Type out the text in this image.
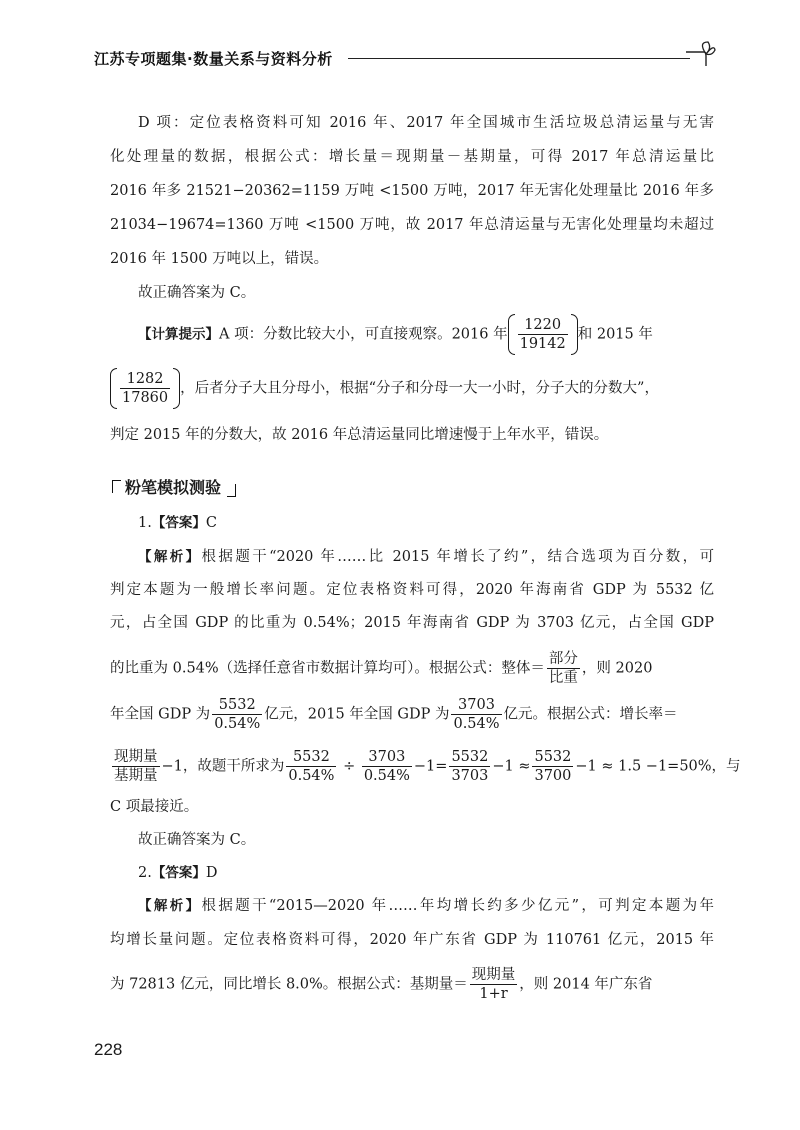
江苏专项题集·数量关系与资料分析
D 项：定位表格资料可知 2016 年、2017 年全国城市生活垃圾总清运量与无害
化处理量的数据，根据公式：增长量＝现期量－基期量，可得 2017 年总清运量比
2016 年多 21521−20362=1159 万吨 <1500 万吨，2017 年无害化处理量比 2016 年多
21034−19674=1360 万吨 <1500 万吨，故 2017 年总清运量与无害化处理量均未超过
2016 年 1500 万吨以上，错误。
故正确答案为 C。
【计算提示】A 项：分数比较大小，可直接观察。2016 年 $\frac{1220}{19142}$ 和 2015 年
$\frac{1282}{17860}$ ，后者分子大且分母小，根据“分子和分母一大一小时，分子大的分数大”，
判定 2015 年的分数大，故 2016 年总清运量同比增速慢于上年水平，错误。
粉笔模拟测验
1.【答案】C
【解析】根据题干“2020 年……比 2015 年增长了约”，结合选项为百分数，可
判定本题为一般增长率问题。定位表格资料可得，2020 年海南省 GDP 为 5532 亿
元，占全国 GDP 的比重为 0.54%；2015 年海南省 GDP 为 3703 亿元，占全国 GDP
的比重为 0.54%（选择任意省市数据计算均可）。根据公式：整体＝ $\frac{\text{部分}}{\text{比重}}$ ，则 2020
年全国 GDP 为 $\frac{5532}{0.54\%}$ 亿元，2015 年全国 GDP 为 $\frac{3703}{0.54\%}$ 亿元。根据公式：增长率＝
$\frac{\text{现期量}}{\text{基期量}} -1$，故题干所求为 $\frac{5532}{0.54\%} \div \frac{3703}{0.54\%} -1= \frac{5532}{3703} -1 \approx \frac{5532}{3700} -1 \approx 1.5 -1=50\%$，与
C 项最接近。
故正确答案为 C。
2.【答案】D
【解析】根据题干“2015—2020 年……年均增长约多少亿元”，可判定本题为年
均增长量问题。定位表格资料可得，2020 年广东省 GDP 为 110761 亿元，2015 年
为 72813 亿元，同比增长 8.0%。根据公式：基期量＝ $\frac{\text{现期量}}{1+r}$ ，则 2014 年广东省
228
